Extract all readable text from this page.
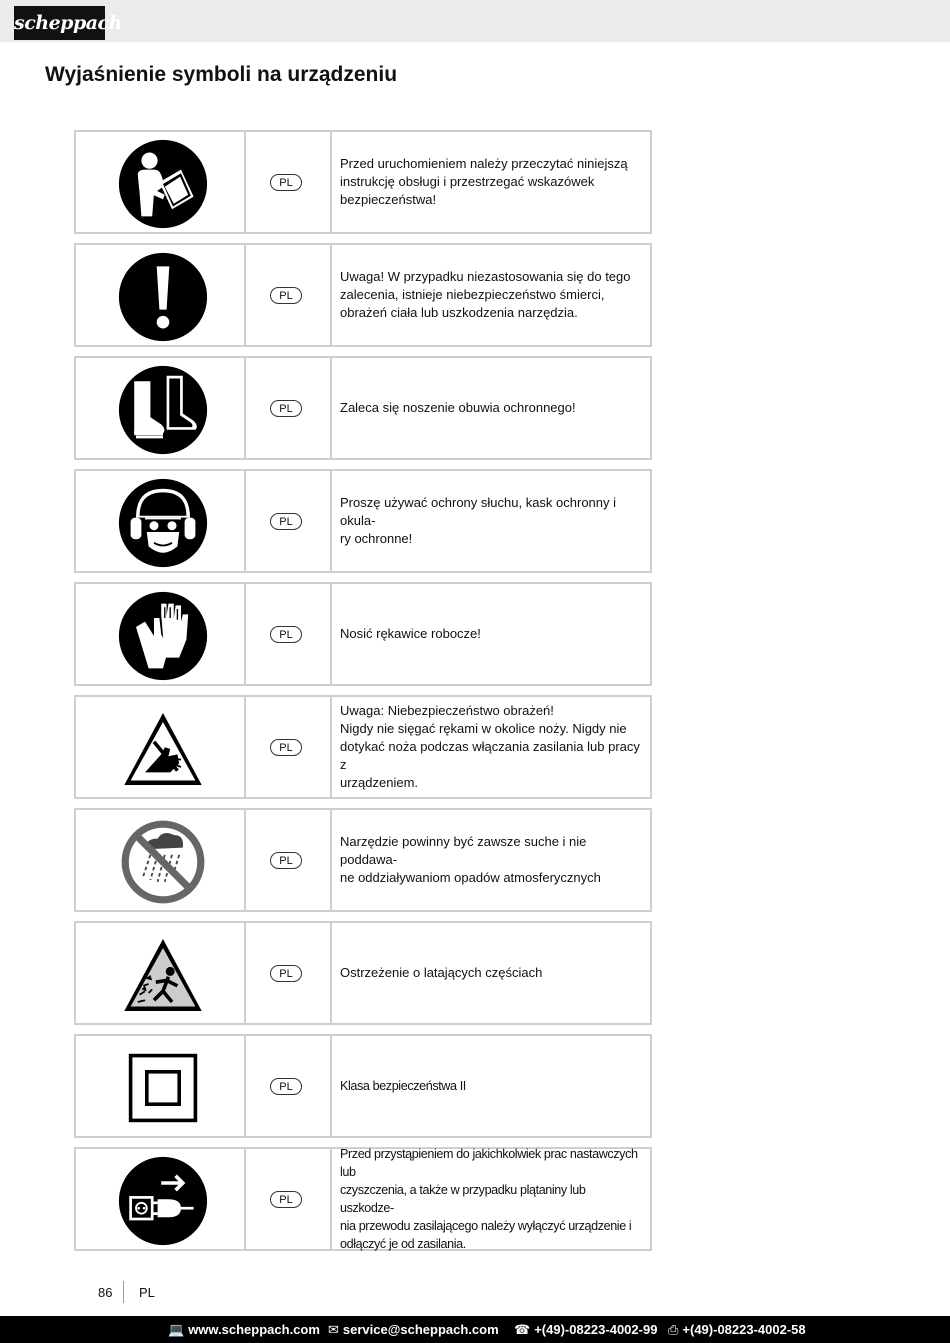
scheppach
Wyjaśnienie symboli na urządzeniu
PL
Przed uruchomieniem należy przeczytać niniejszą
instrukcję obsługi i przestrzegać wskazówek
bezpieczeństwa!
PL
Uwaga! W przypadku niezastosowania się do tego
zalecenia, istnieje niebezpieczeństwo śmierci,
obrażeń ciała lub uszkodzenia narzędzia.
PL	Zaleca się noszenie obuwia ochronnego!
PL
Proszę używać ochrony słuchu, kask ochronny i okula-
ry ochronne!
PL	Nosić rękawice robocze!
PL
Uwaga: Niebezpieczeństwo obrażeń!
Nigdy nie sięgać rękami w okolice noży. Nigdy nie
dotykać noża podczas włączania zasilania lub pracy z
urządzeniem.
PL
Narzędzie powinny być zawsze suche i nie poddawa-
ne oddziaływaniom opadów atmosferycznych
PL	Ostrzeżenie o latających częściach
PL	Klasa bezpieczeństwa II
PL
Przed przystąpieniem do jakichkolwiek prac nastawczych lub
czyszczenia, a także w przypadku plątaniny lub uszkodze-
nia przewodu zasilającego należy wyłączyć urządzenie i
odłączyć je od zasilania.
86 PL
💻 www.scheppach.com ✉ service@scheppach.com ☎ +(49)-08223-4002-99 ⎙ +(49)-08223-4002-58
